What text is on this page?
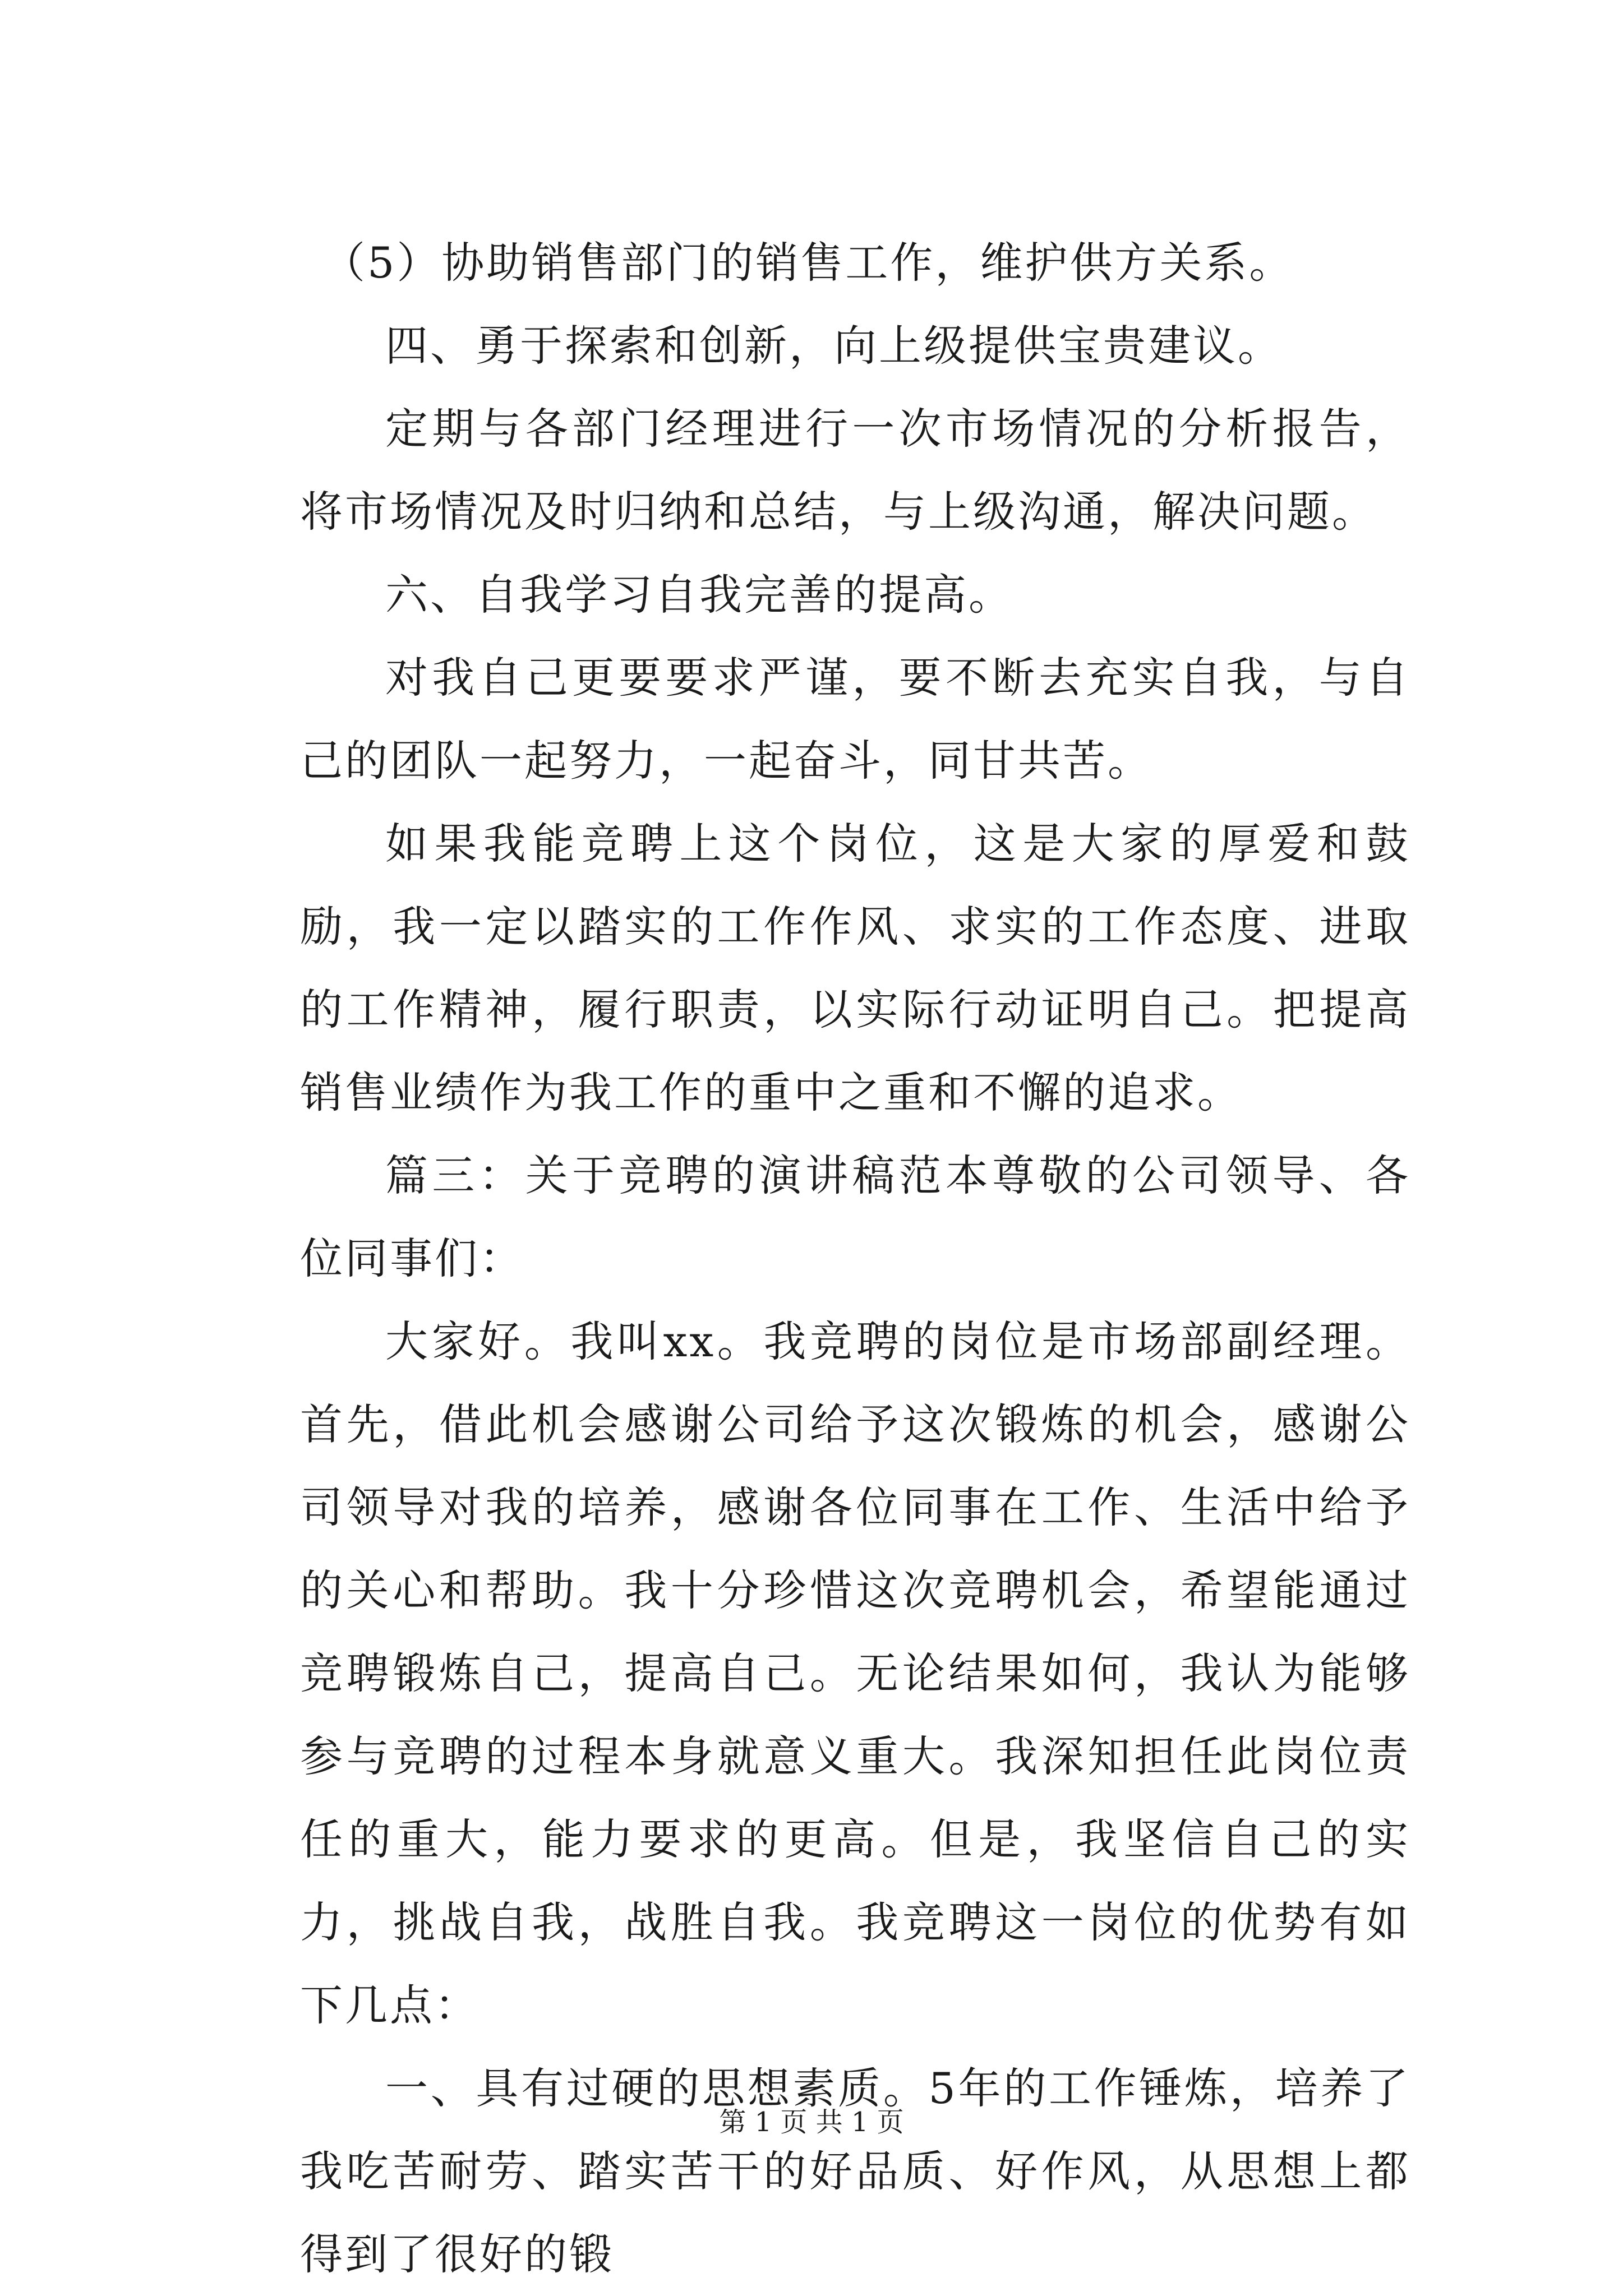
（5）协助销售部门的销售工作，维护供方关系。

四、勇于探索和创新，向上级提供宝贵建议。

定期与各部门经理进行一次市场情况的分析报告，将市场情况及时归纳和总结，与上级沟通，解决问题。

六、自我学习自我完善的提高。

对我自己更要要求严谨，要不断去充实自我，与自己的团队一起努力，一起奋斗，同甘共苦。

如果我能竞聘上这个岗位，这是大家的厚爱和鼓励，我一定以踏实的工作作风、求实的工作态度、进取的工作精神，履行职责，以实际行动证明自己。把提高销售业绩作为我工作的重中之重和不懈的追求。

篇三：关于竞聘的演讲稿范本尊敬的公司领导、各位同事们：

大家好。我叫xx。我竞聘的岗位是市场部副经理。首先，借此机会感谢公司给予这次锻炼的机会，感谢公司领导对我的培养，感谢各位同事在工作、生活中给予的关心和帮助。我十分珍惜这次竞聘机会，希望能通过竞聘锻炼自己，提高自己。无论结果如何，我认为能够参与竞聘的过程本身就意义重大。我深知担任此岗位责任的重大，能力要求的更高。但是，我坚信自己的实力，挑战自我，战胜自我。我竞聘这一岗位的优势有如下几点：

一、具有过硬的思想素质。5年的工作锤炼，培养了我吃苦耐劳、踏实苦干的好品质、好作风，从思想上都得到了很好的锻

第 1 页 共 1 页
